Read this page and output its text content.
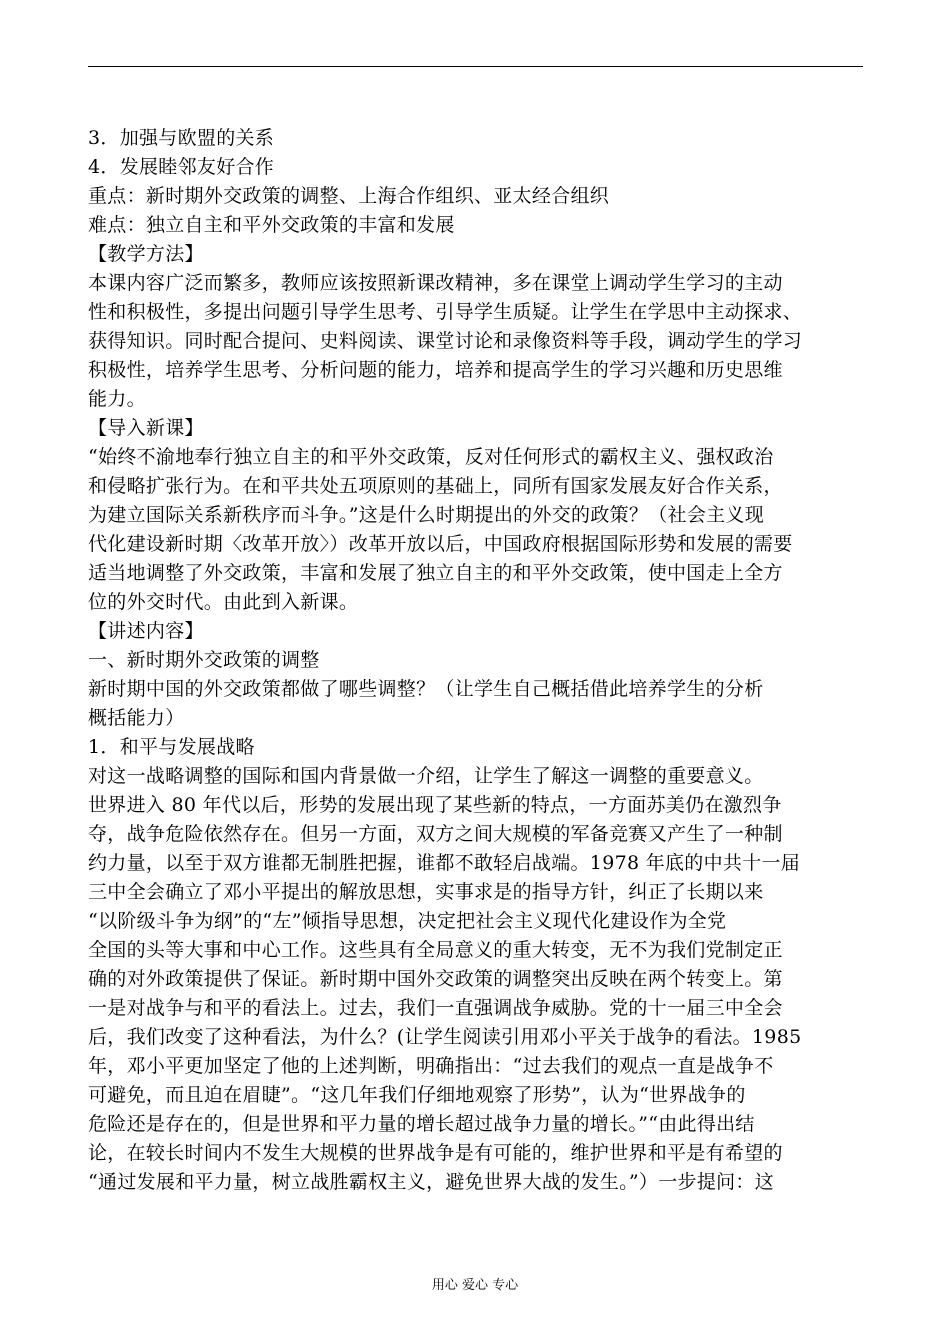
3．加强与欧盟的关系
4．发展睦邻友好合作
重点：新时期外交政策的调整、上海合作组织、亚太经合组织
难点：独立自主和平外交政策的丰富和发展
【教学方法】
本课内容广泛而繁多，教师应该按照新课改精神，多在课堂上调动学生学习的主动
性和积极性，多提出问题引导学生思考、引导学生质疑。让学生在学思中主动探求、
获得知识。同时配合提问、史料阅读、课堂讨论和录像资料等手段，调动学生的学习
积极性，培养学生思考、分析问题的能力，培养和提高学生的学习兴趣和历史思维
能力。
【导入新课】
“始终不渝地奉行独立自主的和平外交政策，反对任何形式的霸权主义、强权政治
和侵略扩张行为。在和平共处五项原则的基础上，同所有国家发展友好合作关系，
为建立国际关系新秩序而斗争。”这是什么时期提出的外交的政策？（社会主义现
代化建设新时期〈改革开放〉）改革开放以后，中国政府根据国际形势和发展的需要
适当地调整了外交政策，丰富和发展了独立自主的和平外交政策，使中国走上全方
位的外交时代。由此到入新课。
【讲述内容】
一、新时期外交政策的调整
新时期中国的外交政策都做了哪些调整？（让学生自己概括借此培养学生的分析
概括能力）
1．和平与发展战略
对这一战略调整的国际和国内背景做一介绍，让学生了解这一调整的重要意义。
世界进入 80 年代以后，形势的发展出现了某些新的特点，一方面苏美仍在激烈争
夺，战争危险依然存在。但另一方面，双方之间大规模的军备竞赛又产生了一种制
约力量，以至于双方谁都无制胜把握，谁都不敢轻启战端。1978 年底的中共十一届
三中全会确立了邓小平提出的解放思想，实事求是的指导方针，纠正了长期以来
“以阶级斗争为纲”的“左”倾指导思想，决定把社会主义现代化建设作为全党
全国的头等大事和中心工作。这些具有全局意义的重大转变，无不为我们党制定正
确的对外政策提供了保证。新时期中国外交政策的调整突出反映在两个转变上。第
一是对战争与和平的看法上。过去，我们一直强调战争威胁。党的十一届三中全会
后，我们改变了这种看法，为什么？(让学生阅读引用邓小平关于战争的看法。1985
年，邓小平更加坚定了他的上述判断，明确指出：“过去我们的观点一直是战争不
可避免，而且迫在眉睫”。“这几年我们仔细地观察了形势”，认为“世界战争的
危险还是存在的，但是世界和平力量的增长超过战争力量的增长。”“由此得出结
论，在较长时间内不发生大规模的世界战争是有可能的，维护世界和平是有希望的
“通过发展和平力量，树立战胜霸权主义，避免世界大战的发生。”）一步提问：这
用心 爱心 专心
